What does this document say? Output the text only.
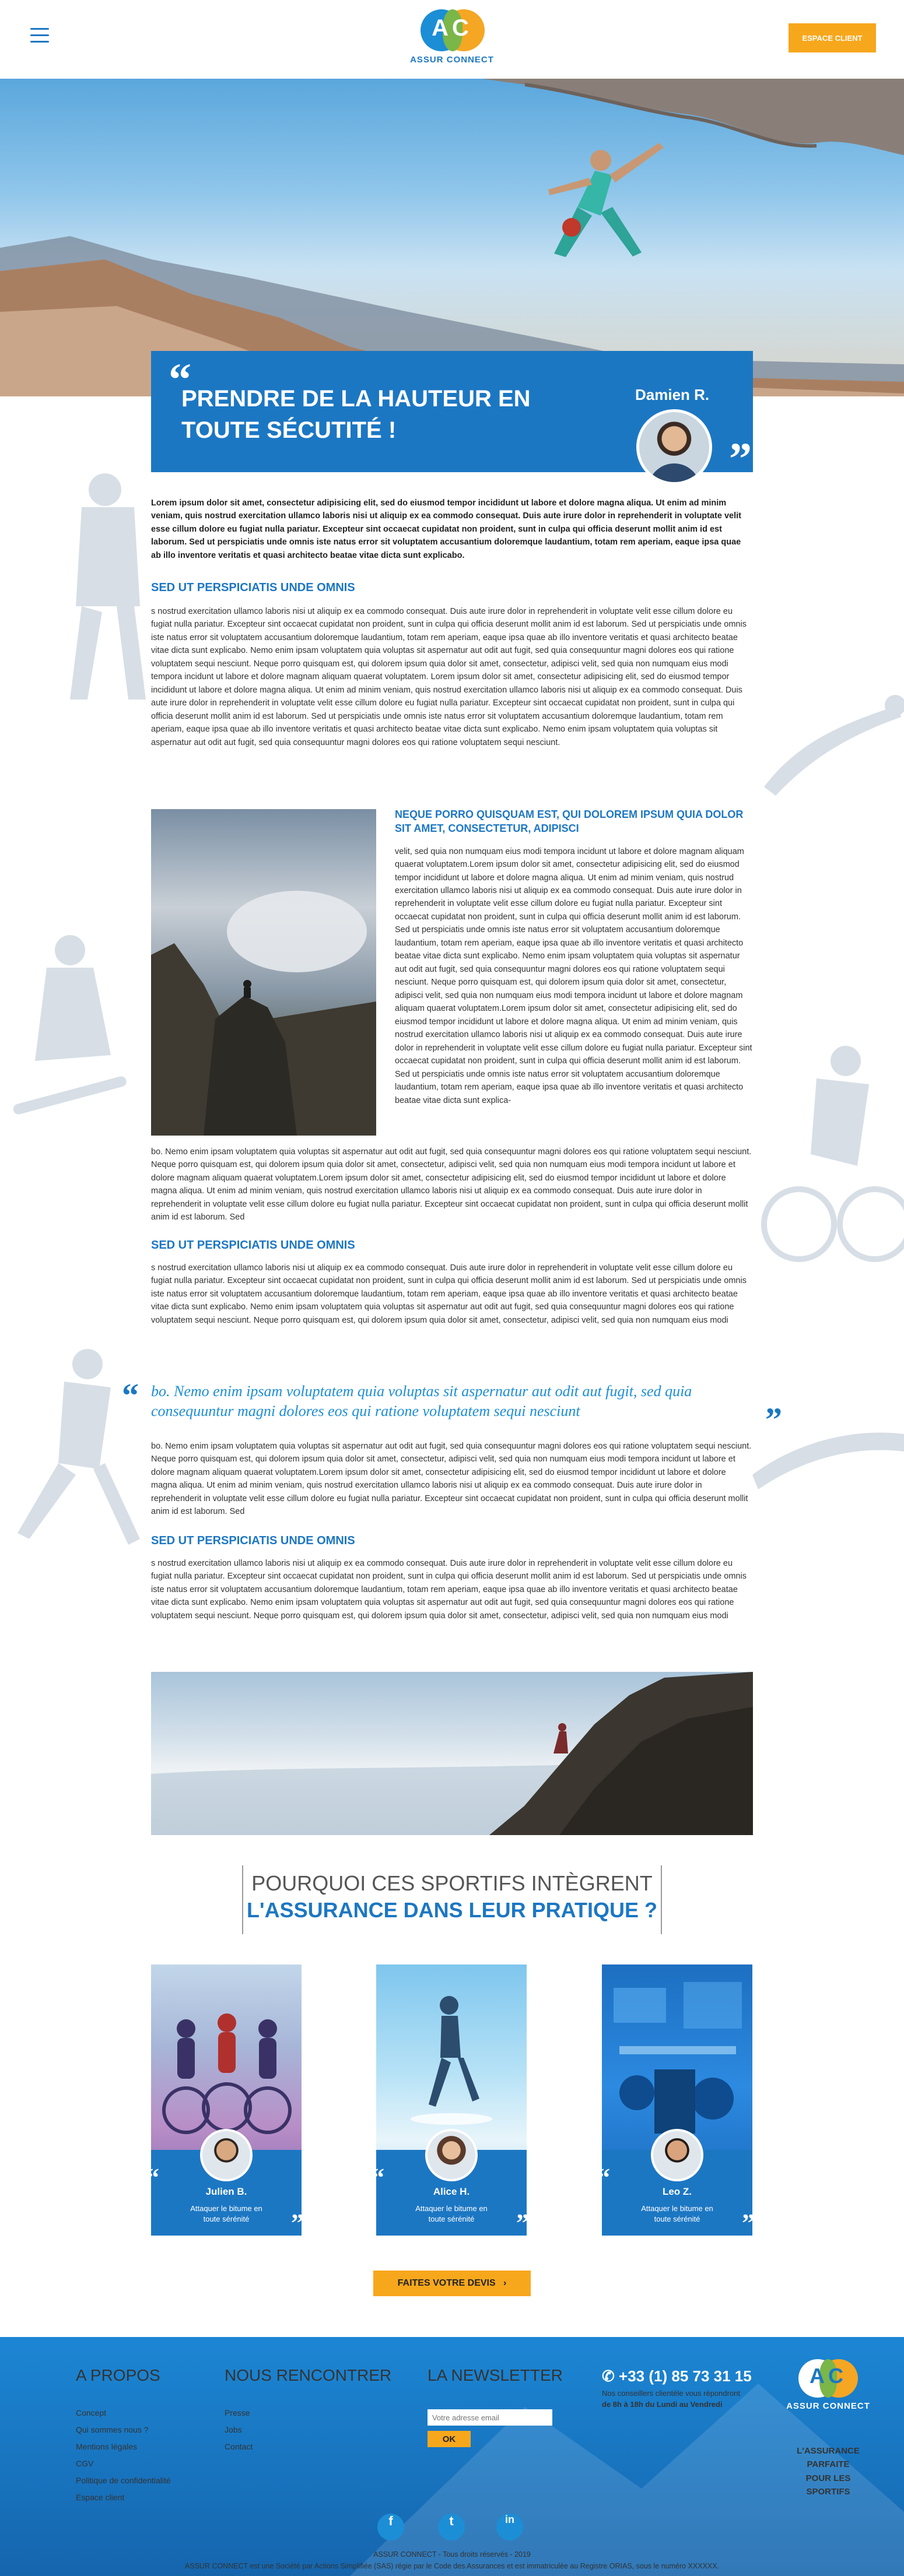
AC
ASSUR CONNECT
ESPACE CLIENT
“
PRENDRE DE LA HAUTEUR EN TOUTE SÉCUTITÉ !
Damien R.
”

Lorem ipsum dolor sit amet, consectetur adipisicing elit, sed do eiusmod tempor incididunt ut labore et dolore magna aliqua. Ut enim ad minim veniam, quis nostrud exercitation ullamco laboris nisi ut aliquip ex ea commodo consequat. Duis aute irure dolor in reprehenderit in voluptate velit esse cillum dolore eu fugiat nulla pariatur. Excepteur sint occaecat cupidatat non proident, sunt in culpa qui officia deserunt mollit anim id est laborum. Sed ut perspiciatis unde omnis iste natus error sit voluptatem accusantium doloremque laudantium, totam rem aperiam, eaque ipsa quae ab illo inventore veritatis et quasi architecto beatae vitae dicta sunt explicabo.

SED UT PERSPICIATIS UNDE OMNIS

s nostrud exercitation ullamco laboris nisi ut aliquip ex ea commodo consequat. Duis aute irure dolor in reprehenderit in voluptate velit esse cillum dolore eu fugiat nulla pariatur. Excepteur sint occaecat cupidatat non proident, sunt in culpa qui officia deserunt mollit anim id est laborum. Sed ut perspiciatis unde omnis iste natus error sit voluptatem accusantium doloremque laudantium, totam rem aperiam, eaque ipsa quae ab illo inventore veritatis et quasi architecto beatae vitae dicta sunt explicabo. Nemo enim ipsam voluptatem quia voluptas sit aspernatur aut odit aut fugit, sed quia consequuntur magni dolores eos qui ratione voluptatem sequi nesciunt. Neque porro quisquam est, qui dolorem ipsum quia dolor sit amet, consectetur, adipisci velit, sed quia non numquam eius modi tempora incidunt ut labore et dolore magnam aliquam quaerat voluptatem. Lorem ipsum dolor sit amet, consectetur adipisicing elit, sed do eiusmod tempor incididunt ut labore et dolore magna aliqua. Ut enim ad minim veniam, quis nostrud exercitation ullamco laboris nisi ut aliquip ex ea commodo consequat. Duis aute irure dolor in reprehenderit in voluptate velit esse cillum dolore eu fugiat nulla pariatur. Excepteur sint occaecat cupidatat non proident, sunt in culpa qui officia deserunt mollit anim id est laborum. Sed ut perspiciatis unde omnis iste natus error sit voluptatem accusantium doloremque laudantium, totam rem aperiam, eaque ipsa quae ab illo inventore veritatis et quasi architecto beatae vitae dicta sunt explicabo. Nemo enim ipsam voluptatem quia voluptas sit aspernatur aut odit aut fugit, sed quia consequuntur magni dolores eos qui ratione voluptatem sequi nesciunt.

NEQUE PORRO QUISQUAM EST, QUI DOLOREM IPSUM QUIA DOLOR SIT AMET, CONSECTETUR, ADIPISCI

velit, sed quia non numquam eius modi tempora incidunt ut labore et dolore magnam aliquam quaerat voluptatem.Lorem ipsum dolor sit amet, consectetur adipisicing elit, sed do eiusmod tempor incididunt ut labore et dolore magna aliqua. Ut enim ad minim veniam, quis nostrud exercitation ullamco laboris nisi ut aliquip ex ea commodo consequat. Duis aute irure dolor in reprehenderit in voluptate velit esse cillum dolore eu fugiat nulla pariatur. Excepteur sint occaecat cupidatat non proident, sunt in culpa qui officia deserunt mollit anim id est laborum. Sed ut perspiciatis unde omnis iste natus error sit voluptatem accusantium doloremque laudantium, totam rem aperiam, eaque ipsa quae ab illo inventore veritatis et quasi architecto beatae vitae dicta sunt explicabo. Nemo enim ipsam voluptatem quia voluptas sit aspernatur aut odit aut fugit, sed quia consequuntur magni dolores eos qui ratione voluptatem sequi nesciunt. Neque porro quisquam est, qui dolorem ipsum quia dolor sit amet, consectetur, adipisci velit, sed quia non numquam eius modi tempora incidunt ut labore et dolore magnam aliquam quaerat voluptatem.Lorem ipsum dolor sit amet, consectetur adipisicing elit, sed do eiusmod tempor incididunt ut labore et dolore magna aliqua. Ut enim ad minim veniam, quis nostrud exercitation ullamco laboris nisi ut aliquip ex ea commodo consequat. Duis aute irure dolor in reprehenderit in voluptate velit esse cillum dolore eu fugiat nulla pariatur. Excepteur sint occaecat cupidatat non proident, sunt in culpa qui officia deserunt mollit anim id est laborum. Sed ut perspiciatis unde omnis iste natus error sit voluptatem accusantium doloremque laudantium, totam rem aperiam, eaque ipsa quae ab illo inventore veritatis et quasi architecto beatae vitae dicta sunt explica-

bo. Nemo enim ipsam voluptatem quia voluptas sit aspernatur aut odit aut fugit, sed quia consequuntur magni dolores eos qui ratione voluptatem sequi nesciunt. Neque porro quisquam est, qui dolorem ipsum quia dolor sit amet, consectetur, adipisci velit, sed quia non numquam eius modi tempora incidunt ut labore et dolore magnam aliquam quaerat voluptatem.Lorem ipsum dolor sit amet, consectetur adipisicing elit, sed do eiusmod tempor incididunt ut labore et dolore magna aliqua. Ut enim ad minim veniam, quis nostrud exercitation ullamco laboris nisi ut aliquip ex ea commodo consequat. Duis aute irure dolor in reprehenderit in voluptate velit esse cillum dolore eu fugiat nulla pariatur. Excepteur sint occaecat cupidatat non proident, sunt in culpa qui officia deserunt mollit anim id est laborum. Sed

SED UT PERSPICIATIS UNDE OMNIS

s nostrud exercitation ullamco laboris nisi ut aliquip ex ea commodo consequat. Duis aute irure dolor in reprehenderit in voluptate velit esse cillum dolore eu fugiat nulla pariatur. Excepteur sint occaecat cupidatat non proident, sunt in culpa qui officia deserunt mollit anim id est laborum. Sed ut perspiciatis unde omnis iste natus error sit voluptatem accusantium doloremque laudantium, totam rem aperiam, eaque ipsa quae ab illo inventore veritatis et quasi architecto beatae vitae dicta sunt explicabo. Nemo enim ipsam voluptatem quia voluptas sit aspernatur aut odit aut fugit, sed quia consequuntur magni dolores eos qui ratione voluptatem sequi nesciunt. Neque porro quisquam est, qui dolorem ipsum quia dolor sit amet, consectetur, adipisci velit, sed quia non numquam eius modi

“ bo. Nemo enim ipsam voluptatem quia voluptas sit aspernatur aut odit aut fugit, sed quia consequuntur magni dolores eos qui ratione voluptatem sequi nesciunt	”

bo. Nemo enim ipsam voluptatem quia voluptas sit aspernatur aut odit aut fugit, sed quia consequuntur magni dolores eos qui ratione voluptatem sequi nesciunt. Neque porro quisquam est, qui dolorem ipsum quia dolor sit amet, consectetur, adipisci velit, sed quia non numquam eius modi tempora incidunt ut labore et dolore magnam aliquam quaerat voluptatem.Lorem ipsum dolor sit amet, consectetur adipisicing elit, sed do eiusmod tempor incididunt ut labore et dolore magna aliqua. Ut enim ad minim veniam, quis nostrud exercitation ullamco laboris nisi ut aliquip ex ea commodo consequat. Duis aute irure dolor in reprehenderit in voluptate velit esse cillum dolore eu fugiat nulla pariatur. Excepteur sint occaecat cupidatat non proident, sunt in culpa qui officia deserunt mollit anim id est laborum. Sed

SED UT PERSPICIATIS UNDE OMNIS

s nostrud exercitation ullamco laboris nisi ut aliquip ex ea commodo consequat. Duis aute irure dolor in reprehenderit in voluptate velit esse cillum dolore eu fugiat nulla pariatur. Excepteur sint occaecat cupidatat non proident, sunt in culpa qui officia deserunt mollit anim id est laborum. Sed ut perspiciatis unde omnis iste natus error sit voluptatem accusantium doloremque laudantium, totam rem aperiam, eaque ipsa quae ab illo inventore veritatis et quasi architecto beatae vitae dicta sunt explicabo. Nemo enim ipsam voluptatem quia voluptas sit aspernatur aut odit aut fugit, sed quia consequuntur magni dolores eos qui ratione voluptatem sequi nesciunt. Neque porro quisquam est, qui dolorem ipsum quia dolor sit amet, consectetur, adipisci velit, sed quia non numquam eius modi

POURQUOI CES SPORTIFS INTÈGRENT
L'ASSURANCE DANS LEUR PRATIQUE ?
“	Julien B.
Attaquer le bitume en toute sérénité	”
“	Alice H.
Attaquer le bitume en toute sérénité	”
“	Leo Z.
Attaquer le bitume en toute sérénité	”
FAITES VOTRE DEVIS ›
A PROPOS
Concept
Qui sommes nous ?
Mentions légales
CGV
Politique de confidentialité
Espace client
NOUS RENCONTRER
Presse
Jobs
Contact
LA NEWSLETTER
Votre adresse email
OK
✆ +33 (1) 85 73 31 15
Nos conseillers clientèle vous répondront
de 8h à 18h du Lundi au Vendredi
AC
ASSUR CONNECT
L'ASSURANCE PARFAITE POUR LES SPORTIFS
f	t	in
ASSUR CONNECT - Tous droits réservés - 2019
ASSUR CONNECT est une Société par Actions Simplifiée (SAS) régie par le Code des Assurances et est immatriculée au Registre ORIAS, sous le numéro XXXXXX.
